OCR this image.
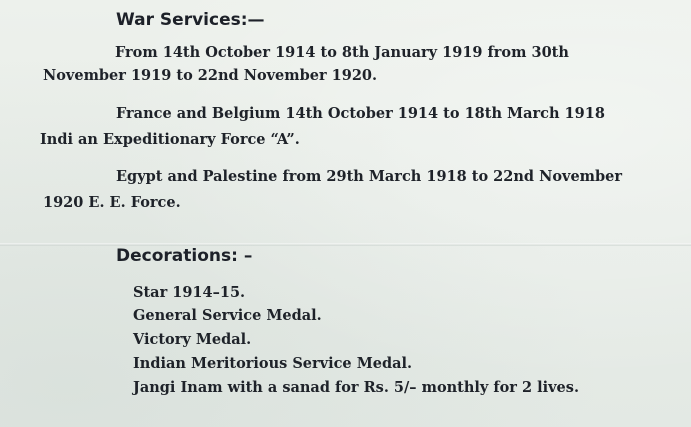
War Services:—
From 14th October 1914 to 8th January 1919 from 30th
November 1919 to 22nd November 1920.
France and Belgium 14th October 1914 to 18th March 1918
Indi an Expeditionary Force “A”.
Egypt and Palestine from 29th March 1918 to 22nd November
1920 E. E. Force.
Decorations: –
Star 1914–15.
General Service Medal.
Victory Medal.
Indian Meritorious Service Medal.
Jangi Inam with a sanad for Rs. 5/– monthly for 2 lives.
